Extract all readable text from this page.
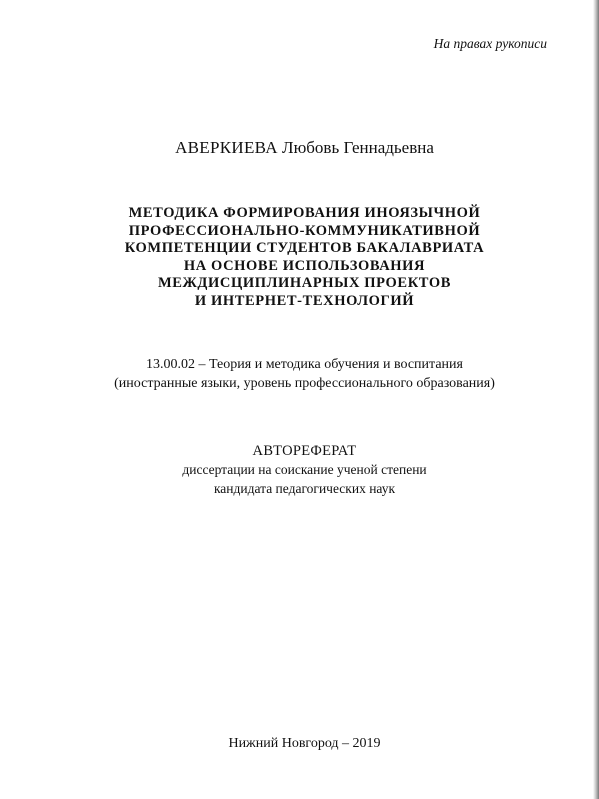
На правах рукописи
АВЕРКИЕВА Любовь Геннадьевна
МЕТОДИКА ФОРМИРОВАНИЯ ИНОЯЗЫЧНОЙ
ПРОФЕССИОНАЛЬНО-КОММУНИКАТИВНОЙ
КОМПЕТЕНЦИИ СТУДЕНТОВ БАКАЛАВРИАТА
НА ОСНОВЕ ИСПОЛЬЗОВАНИЯ
МЕЖДИСЦИПЛИНАРНЫХ ПРОЕКТОВ
И ИНТЕРНЕТ-ТЕХНОЛОГИЙ
13.00.02 – Теория и методика обучения и воспитания
(иностранные языки, уровень профессионального образования)
АВТОРЕФЕРАТ
диссертации на соискание ученой степени
кандидата педагогических наук
Нижний Новгород – 2019
